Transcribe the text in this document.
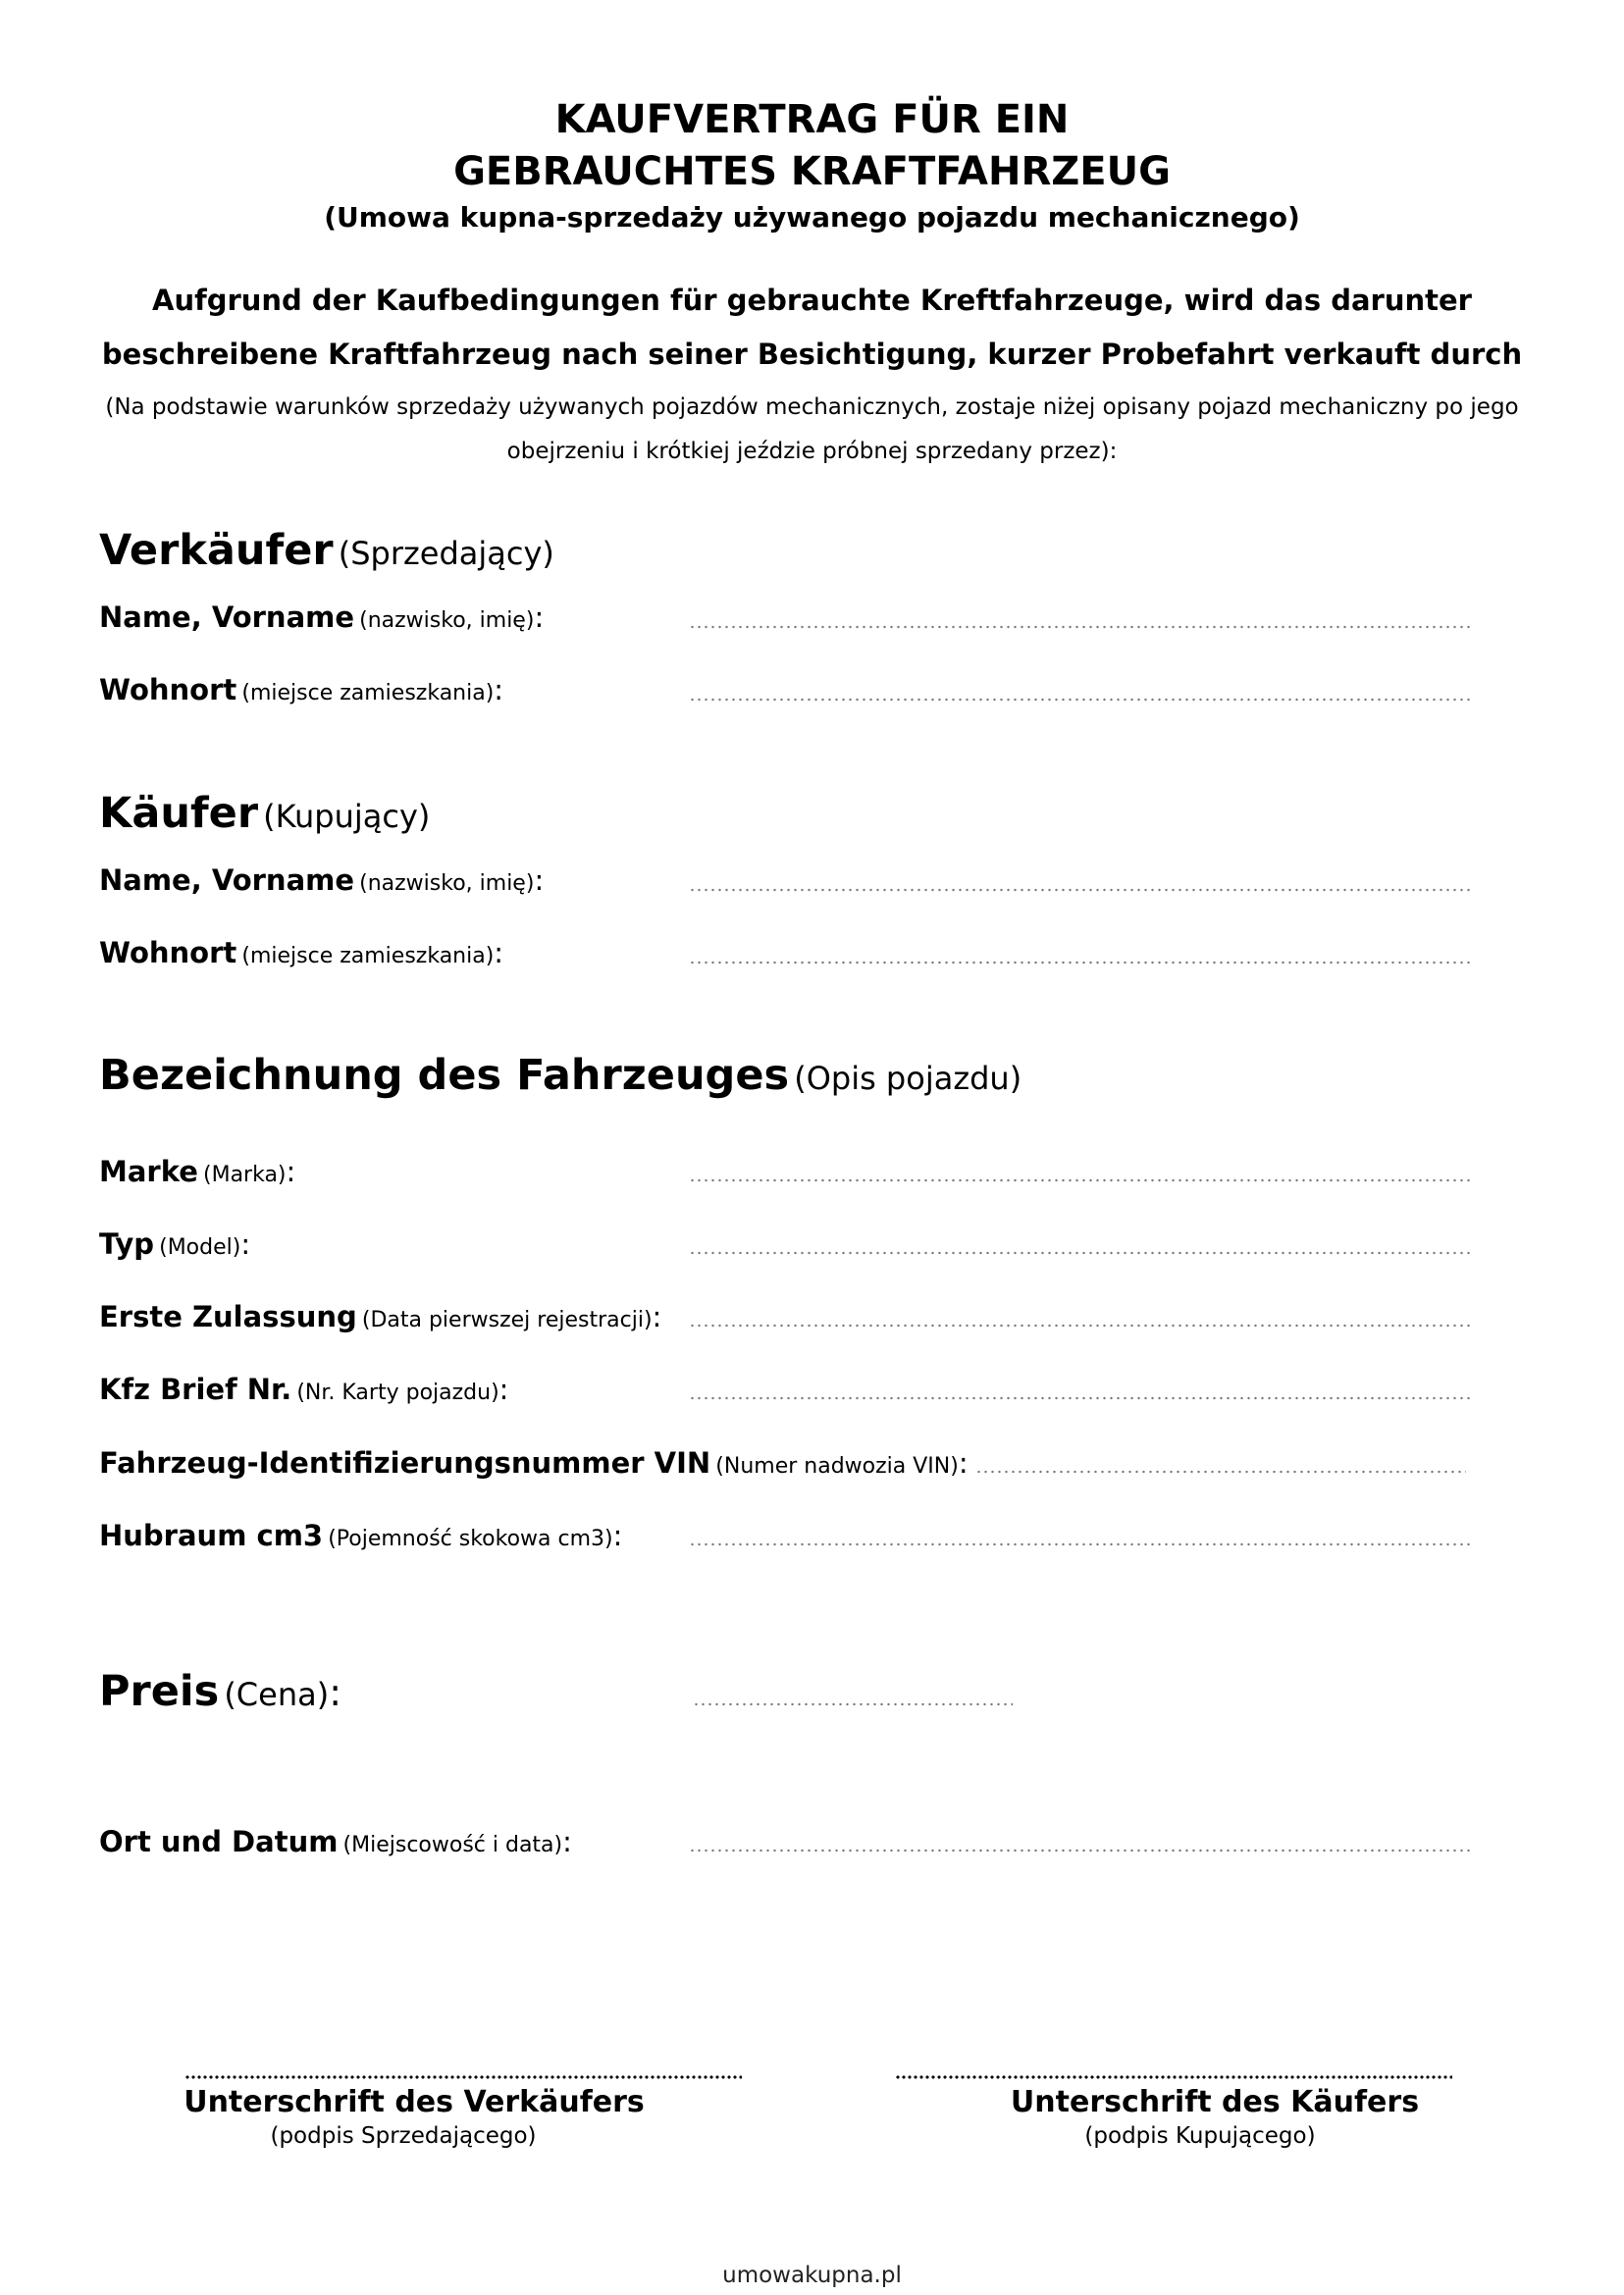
KAUFVERTRAG FÜR EIN
GEBRAUCHTES KRAFTFAHRZEUG
(Umowa kupna-sprzedaży używanego pojazdu mechanicznego)
Aufgrund der Kaufbedingungen für gebrauchte Kreftfahrzeuge, wird das darunter
beschreibene Kraftfahrzeug nach seiner Besichtigung, kurzer Probefahrt verkauft durch
(Na podstawie warunków sprzedaży używanych pojazdów mechanicznych, zostaje niżej opisany pojazd mechaniczny po jego
obejrzeniu i krótkiej jeździe próbnej sprzedany przez):
Verkäufer (Sprzedający)
Name, Vorname (nazwisko, imię):
Wohnort (miejsce zamieszkania):
Käufer (Kupujący)
Name, Vorname (nazwisko, imię):
Wohnort (miejsce zamieszkania):
Bezeichnung des Fahrzeuges (Opis pojazdu)
Marke (Marka):
Typ (Model):
Erste Zulassung (Data pierwszej rejestracji):
Kfz Brief Nr. (Nr. Karty pojazdu):
Fahrzeug-Identifizierungsnummer VIN (Numer nadwozia VIN):
Hubraum cm3 (Pojemność skokowa cm3):
Preis (Cena):
Ort und Datum (Miejscowość i data):
Unterschrift des Verkäufers
(podpis Sprzedającego)
Unterschrift des Käufers
(podpis Kupującego)
umowakupna.pl
